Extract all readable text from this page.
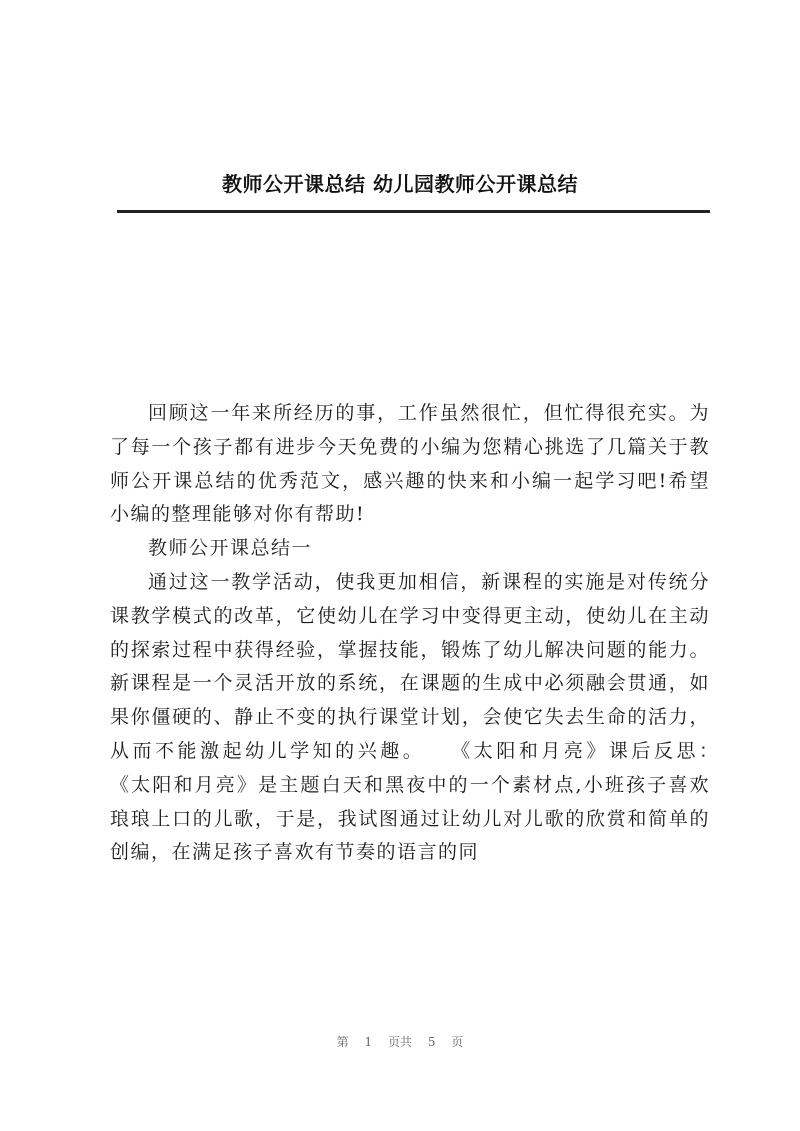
教师公开课总结 幼儿园教师公开课总结

回顾这一年来所经历的事，工作虽然很忙，但忙得很充实。为了每一个孩子都有进步今天免费的小编为您精心挑选了几篇关于教师公开课总结的优秀范文，感兴趣的快来和小编一起学习吧!希望小编的整理能够对你有帮助!

教师公开课总结一

通过这一教学活动，使我更加相信，新课程的实施是对传统分课教学模式的改革，它使幼儿在学习中变得更主动，使幼儿在主动的探索过程中获得经验，掌握技能，锻炼了幼儿解决问题的能力。新课程是一个灵活开放的系统，在课题的生成中必须融会贯通，如果你僵硬的、静止不变的执行课堂计划，会使它失去生命的活力，从而不能激起幼儿学知的兴趣。　　《太阳和月亮》课后反思：　　《太阳和月亮》是主题白天和黑夜中的一个素材点,小班孩子喜欢琅琅上口的儿歌，于是，我试图通过让幼儿对儿歌的欣赏和简单的创编，在满足孩子喜欢有节奏的语言的同

第 1 页共 5 页
